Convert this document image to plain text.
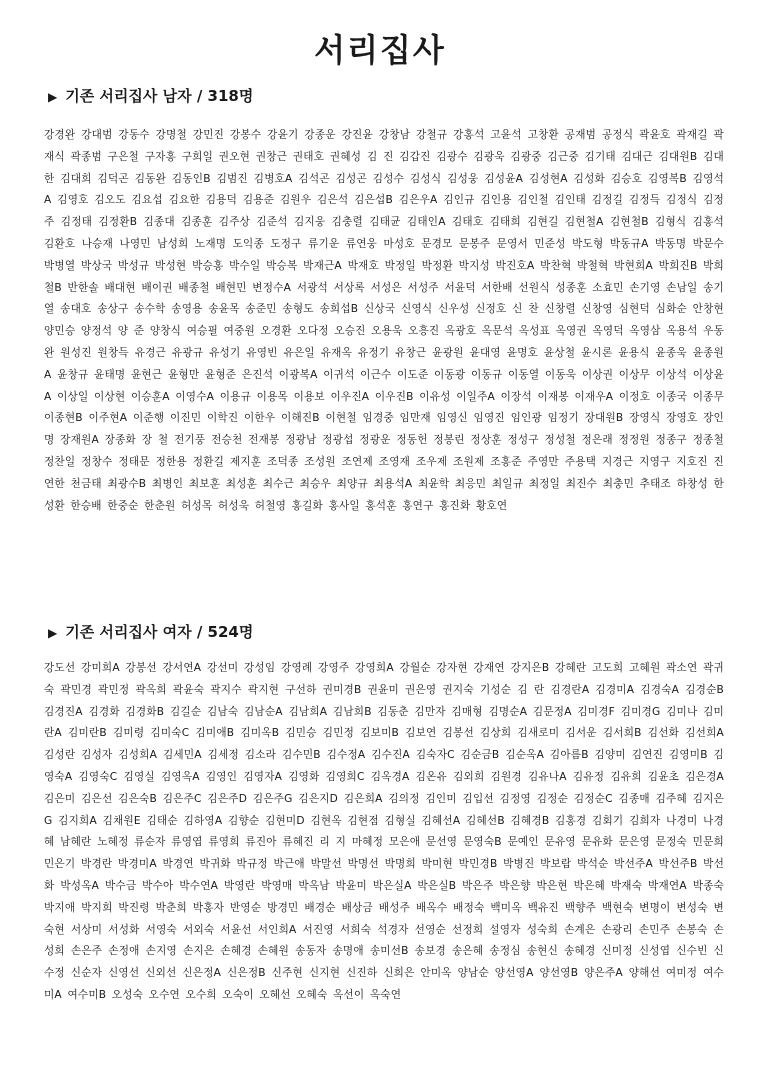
서리집사
▶ 기존 서리집사 남자 / 318명

강경완 강대범 강동수 강명철 강민진 강봉수 강윤기 강종운 강진윤 강창남 강철규 강홍석 고윤석 고창환 공재범 공정식 곽윤호 곽재길 곽재식 곽종범 구은철 구자홍 구희일 권오현 권창근 권태호 권혜성 김 진 김갑진 김광수 김광욱 김광중 김근중 김기태 김대근 김대원B 김대한 김대희 김덕곤 김동완 김동인B 김범진 김병호A 김석곤 김성곤 김성수 김성식 김성웅 김성윤A 김성현A 김성화 김승호 김영복B 김영석A 김영호 김오도 김요섭 김요한 김용덕 김용준 김원우 김은석 김은섭B 김은우A 김인규 김인용 김인철 김인태 김정길 김정득 김정식 김정주 김정태 김정환B 김종대 김종훈 김주상 김준석 김지웅 김충렬 김태균 김태인A 김태호 김태희 김현길 김현철A 김현철B 김형식 김홍석 김환호 나승재 나영민 남성희 노재명 도익종 도정구 류기운 류연웅 마성호 문경모 문봉주 문영서 민준성 박도형 박동규A 박동명 박문수 박병열 박상국 박성규 박성현 박승홍 박수일 박승복 박재근A 박재호 박정일 박정환 박지성 박진호A 박찬혁 박철혁 박현희A 박희진B 박희철B 반한솔 배대현 배이권 배종철 배현민 변정수A 서광석 서상록 서성은 서성주 서윤덕 서한배 선원식 성종훈 소효민 손기영 손남일 송기열 송대호 송상구 송수학 송영용 송윤목 송준민 송형도 송희섭B 신상국 신영식 신우성 신정호 신 찬 신창렬 신창영 심현덕 심화순 안창현 양민승 양정석 양 준 양창식 여승필 여중원 오경환 오다정 오승진 오용욱 오흥진 옥광호 옥문석 옥성표 옥영권 옥영덕 옥영삼 옥용석 우동완 원성진 원창득 유경근 유광규 유성기 유영빈 유은일 유재옥 유정기 유창근 윤광원 윤대영 윤명호 윤상철 윤시론 윤용식 윤종욱 윤종원A 윤창규 윤태명 윤현근 윤형만 윤형준 은진석 이광복A 이귀석 이근수 이도준 이동광 이동규 이동열 이동욱 이상권 이상무 이상석 이상윤A 이상일 이상현 이승훈A 이영수A 이용규 이용목 이용보 이우진A 이우진B 이유성 이일주A 이장석 이재봉 이재우A 이정호 이종국 이종무 이종현B 이주현A 이준행 이진민 이학진 이한우 이해진B 이현철 임경중 임만재 임영신 임영진 임인광 임정기 장대원B 장영식 장영호 장인명 장재원A 장종화 장 철 전기풍 전승천 전재봉 정광남 정광섭 정광운 정동헌 정봉린 정상훈 정성구 정성철 정은래 정정원 정종구 정종철 정찬일 정창수 정태문 정한용 정환길 제지훈 조덕종 조성원 조연제 조영재 조우제 조원제 조홍준 주영만 주용택 지경근 지영구 지호진 진연한 천금태 최광수B 최병인 최보훈 최성훈 최수근 최승우 최양규 최용석A 최윤학 최응민 최일규 최정일 최진수 최충민 추태조 하창성 한성환 한승배 한중순 한춘원 허성목 허성욱 허철영 홍길화 홍사일 홍석훈 홍연구 홍진화 황호연

▶ 기존 서리집사 여자 / 524명

강도선 강미희A 강봉선 강서연A 강선미 강성임 강영례 강영주 강영희A 강월순 강자현 강재연 강지은B 강혜란 고도희 고혜원 곽소연 곽귀숙 곽민경 곽민정 곽옥희 곽윤숙 곽지수 곽지현 구선하 권미경B 권윤미 권은영 권지숙 기성순 김 란 김경란A 김경미A 김경숙A 김경순B 김경진A 김경화 김경화B 김길순 김남숙 김남순A 김남희A 김남희B 김동춘 김만자 김매형 김명순A 김문정A 김미경F 김미경G 김미나 김미란A 김미란B 김미령 김미숙C 김미애B 김미옥B 김민승 김민정 김보미B 김보연 김봉선 김상희 김새로미 김서운 김서희B 김선화 김선희A 김성란 김성자 김성희A 김세민A 김세정 김소라 김수민B 김수정A 김수진A 김숙자C 김순금B 김순옥A 김아름B 김양미 김연진 김영미B 김영숙A 김영숙C 김영실 김영옥A 김영인 김영자A 김영화 김영희C 김옥경A 김온유 김외희 김원경 김유나A 김유정 김유희 김윤초 김은경A 김은미 김은선 김은숙B 김은주C 김은주D 김은주G 김은지D 김은희A 김의정 김인미 김입선 김정영 김정순 김정순C 김종매 김주혜 김지은G 김지희A 김채원E 김태순 김하영A 김향순 김현미D 김현옥 김현점 김형실 김혜선A 김혜선B 김혜경B 김홍경 김회기 김희자 나경미 나경혜 남혜란 노혜정 류순자 류영엽 류영희 류진아 류혜진 리 지 마혜정 모은애 문선영 문영숙B 문예인 문유영 문유화 문은영 문정숙 민문희 민은기 박경란 박경미A 박경연 박귀화 박규정 박근애 박말선 박명선 박명희 박미현 박민경B 박병진 박보람 박석순 박선주A 박선주B 박선화 박성옥A 박수금 박수아 박수연A 박영란 박영매 박옥남 박윤미 박은실A 박은실B 박은주 박은향 박은현 박은혜 박재숙 박재연A 박종숙 박지애 박지희 박진령 박춘희 박홍자 반영순 방경민 배경순 배상금 배성주 배옥수 배정숙 백미옥 백유진 백향주 백현숙 변명이 변성숙 변숙현 서상미 서성화 서영숙 서외숙 서윤선 서인희A 서진영 서희숙 석경자 선영순 선정희 설영자 성숙희 손계은 손광리 손민주 손봉숙 손성희 손은주 손정애 손지영 손지은 손혜경 손혜원 송동자 송명애 송미선B 송보경 송은혜 송정심 송현신 송혜경 신미정 신성엽 신수빈 신수정 신순자 신영선 신외선 신은정A 신은정B 신주현 신지현 신진하 신희은 안미옥 양남순 양선영A 양선영B 양은주A 양해선 여미정 여수미A 여수미B 오성숙 오수연 오수희 오숙이 오혜선 오혜숙 옥선이 옥숙연
